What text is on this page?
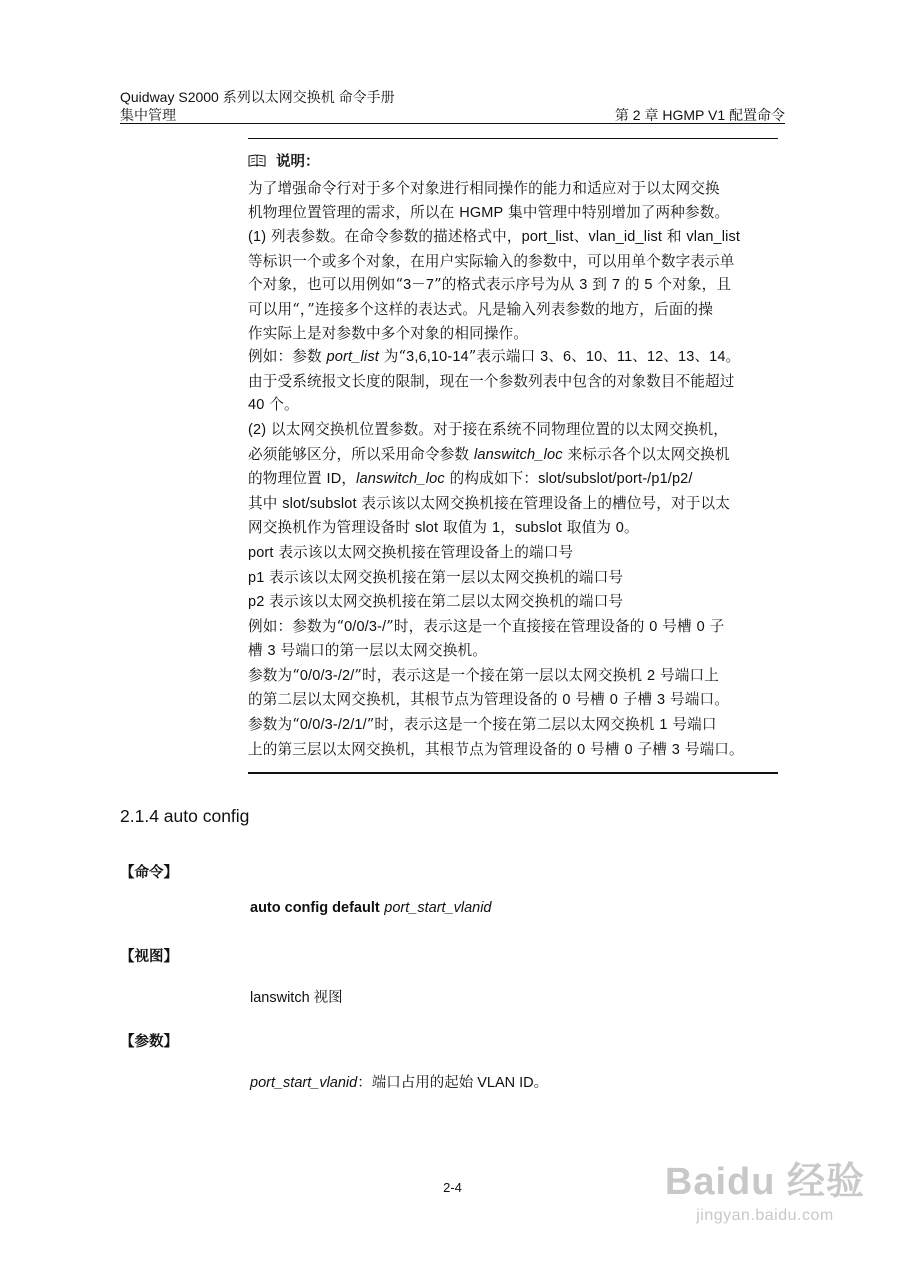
Quidway S2000 系列以太网交换机 命令手册
集中管理	第 2 章 HGMP V1 配置命令
说明：
为了增强命令行对于多个对象进行相同操作的能力和适应对于以太网交换
机物理位置管理的需求，所以在 HGMP 集中管理中特别增加了两种参数。
(1) 列表参数。在命令参数的描述格式中，port_list、vlan_id_list 和 vlan_list
等标识一个或多个对象，在用户实际输入的参数中，可以用单个数字表示单
个对象，也可以用例如“3－7”的格式表示序号为从 3 到 7 的 5 个对象，且
可以用“，”连接多个这样的表达式。凡是输入列表参数的地方，后面的操
作实际上是对参数中多个对象的相同操作。
例如：参数 port_list 为“3,6,10-14”表示端口 3、6、10、11、12、13、14。
由于受系统报文长度的限制，现在一个参数列表中包含的对象数目不能超过
40 个。
(2) 以太网交换机位置参数。对于接在系统不同物理位置的以太网交换机，
必须能够区分，所以采用命令参数 lanswitch_loc 来标示各个以太网交换机
的物理位置 ID，lanswitch_loc 的构成如下：slot/subslot/port-/p1/p2/
其中 slot/subslot 表示该以太网交换机接在管理设备上的槽位号，对于以太
网交换机作为管理设备时 slot 取值为 1，subslot 取值为 0。
port 表示该以太网交换机接在管理设备上的端口号
p1 表示该以太网交换机接在第一层以太网交换机的端口号
p2 表示该以太网交换机接在第二层以太网交换机的端口号
例如：参数为“0/0/3-/”时，表示这是一个直接接在管理设备的 0 号槽 0 子
槽 3 号端口的第一层以太网交换机。
参数为“0/0/3-/2/”时，表示这是一个接在第一层以太网交换机 2 号端口上
的第二层以太网交换机，其根节点为管理设备的 0 号槽 0 子槽 3 号端口。
参数为“0/0/3-/2/1/”时，表示这是一个接在第二层以太网交换机 1 号端口
上的第三层以太网交换机，其根节点为管理设备的 0 号槽 0 子槽 3 号端口。
2.1.4 auto config
【命令】
auto config default port_start_vlanid
【视图】
lanswitch 视图
【参数】
port_start_vlanid：端口占用的起始 VLAN ID。
2-4	Baidu 经验
jingyan.baidu.com
